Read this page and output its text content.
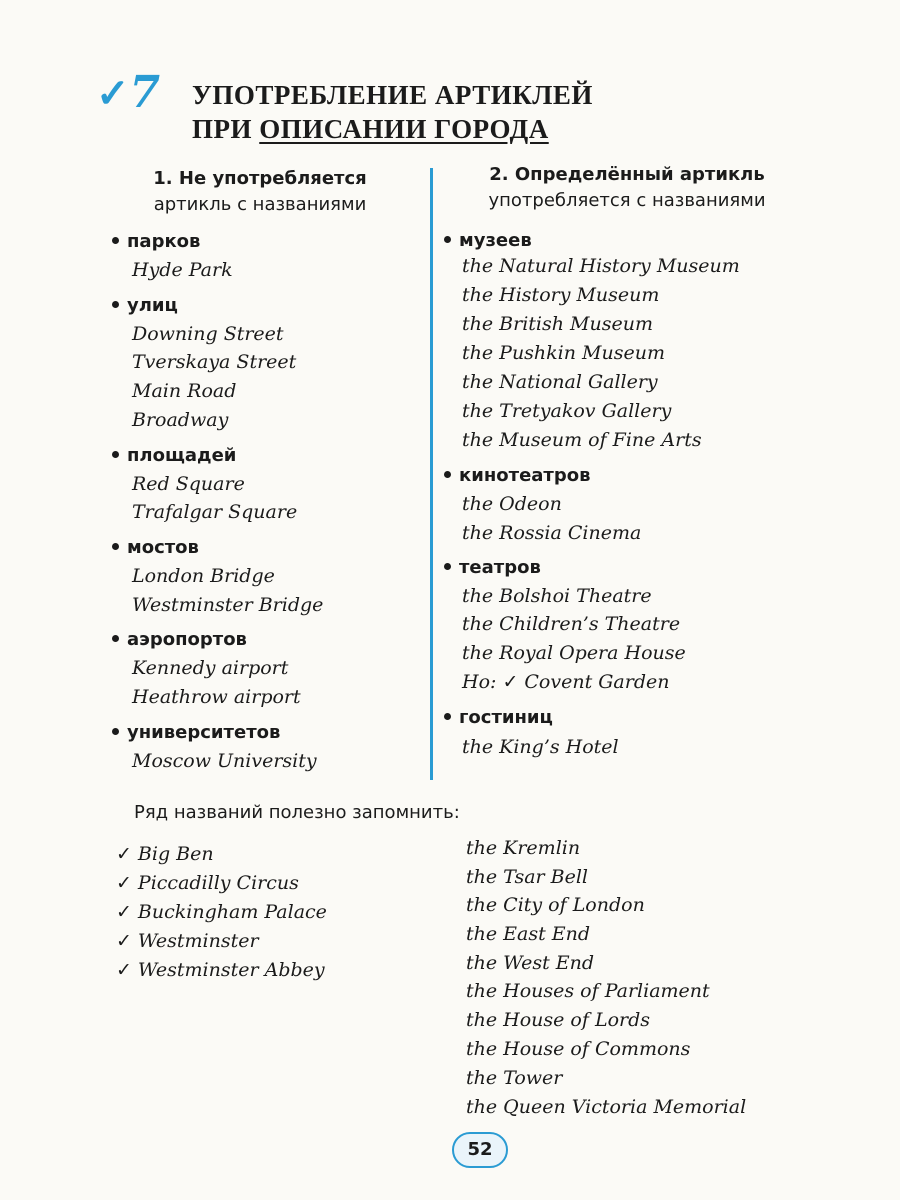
✓7 УПОТРЕБЛЕНИЕ АРТИКЛЕЙ
ПРИ ОПИСАНИИ ГОРОДА
1. Не употребляется
артикль с названиями
2. Определённый артикль
употребляется с названиями
парков
Hyde Park
улиц
Downing Street
Tverskaya Street
Main Road
Broadway
площадей
Red Square
Trafalgar Square
мостов
London Bridge
Westminster Bridge
аэропортов
Kennedy airport
Heathrow airport
университетов
Moscow University
музеев
the Natural History Museum
the History Museum
the British Museum
the Pushkin Museum
the National Gallery
the Tretyakov Gallery
the Museum of Fine Arts
кинотеатров
the Odeon
the Rossia Cinema
театров
the Bolshoi Theatre
the Children’s Theatre
the Royal Opera House
Но: ✓ Covent Garden
гостиниц
the King’s Hotel
Ряд названий полезно запомнить:
✓ Big Ben
✓ Piccadilly Circus
✓ Buckingham Palace
✓ Westminster
✓ Westminster Abbey
the Kremlin
the Tsar Bell
the City of London
the East End
the West End
the Houses of Parliament
the House of Lords
the House of Commons
the Tower
the Queen Victoria Memorial
52
